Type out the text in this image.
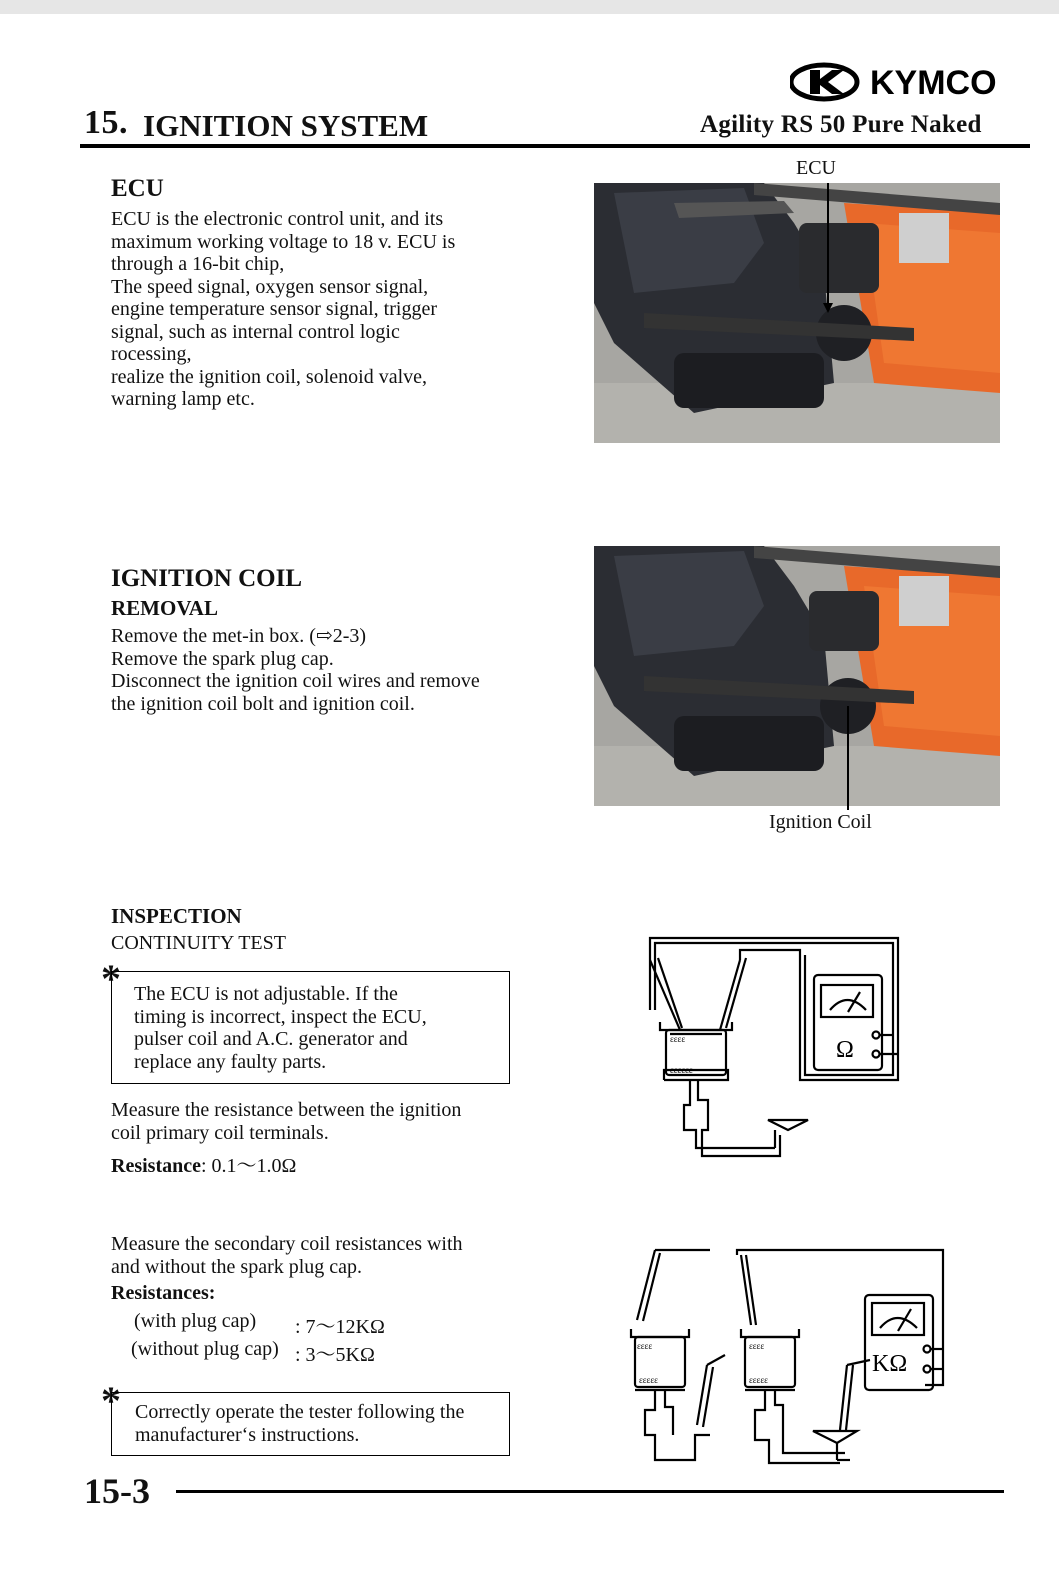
15. IGNITION SYSTEM
KYMCO
Agility RS 50 Pure Naked
ECU
ECU is the electronic control unit, and its
maximum working voltage to 18 v. ECU is
through a 16-bit chip,
The speed signal, oxygen sensor signal,
engine temperature sensor signal, trigger
signal, such as internal control logic
rocessing,
realize the ignition coil, solenoid valve,
warning lamp etc.
ECU
IGNITION COIL
REMOVAL
Remove the met-in box. (⇨2-3)
Remove the spark plug cap.
Disconnect the ignition coil wires and remove
the ignition coil bolt and ignition coil.
Ignition Coil
INSPECTION
CONTINUITY TEST
* The ECU is not adjustable. If the
timing is incorrect, inspect the ECU,
pulser coil and A.C. generator and
replace any faulty parts.
Measure the resistance between the ignition
coil primary coil terminals.
Resistance: 0.1～1.0Ω
ɛɛɛɛ
ɛɛɛɛɛɛ
Ω
Measure the secondary coil resistances with
and without the spark plug cap.
Resistances:
(with plug cap) : 7～12KΩ
(without plug cap) : 3～5KΩ
* Correctly operate the tester following the
manufacturer‘s instructions.
ɛɛɛɛ
ɛɛɛɛɛ
ɛɛɛɛ
ɛɛɛɛɛ
KΩ
15-3
